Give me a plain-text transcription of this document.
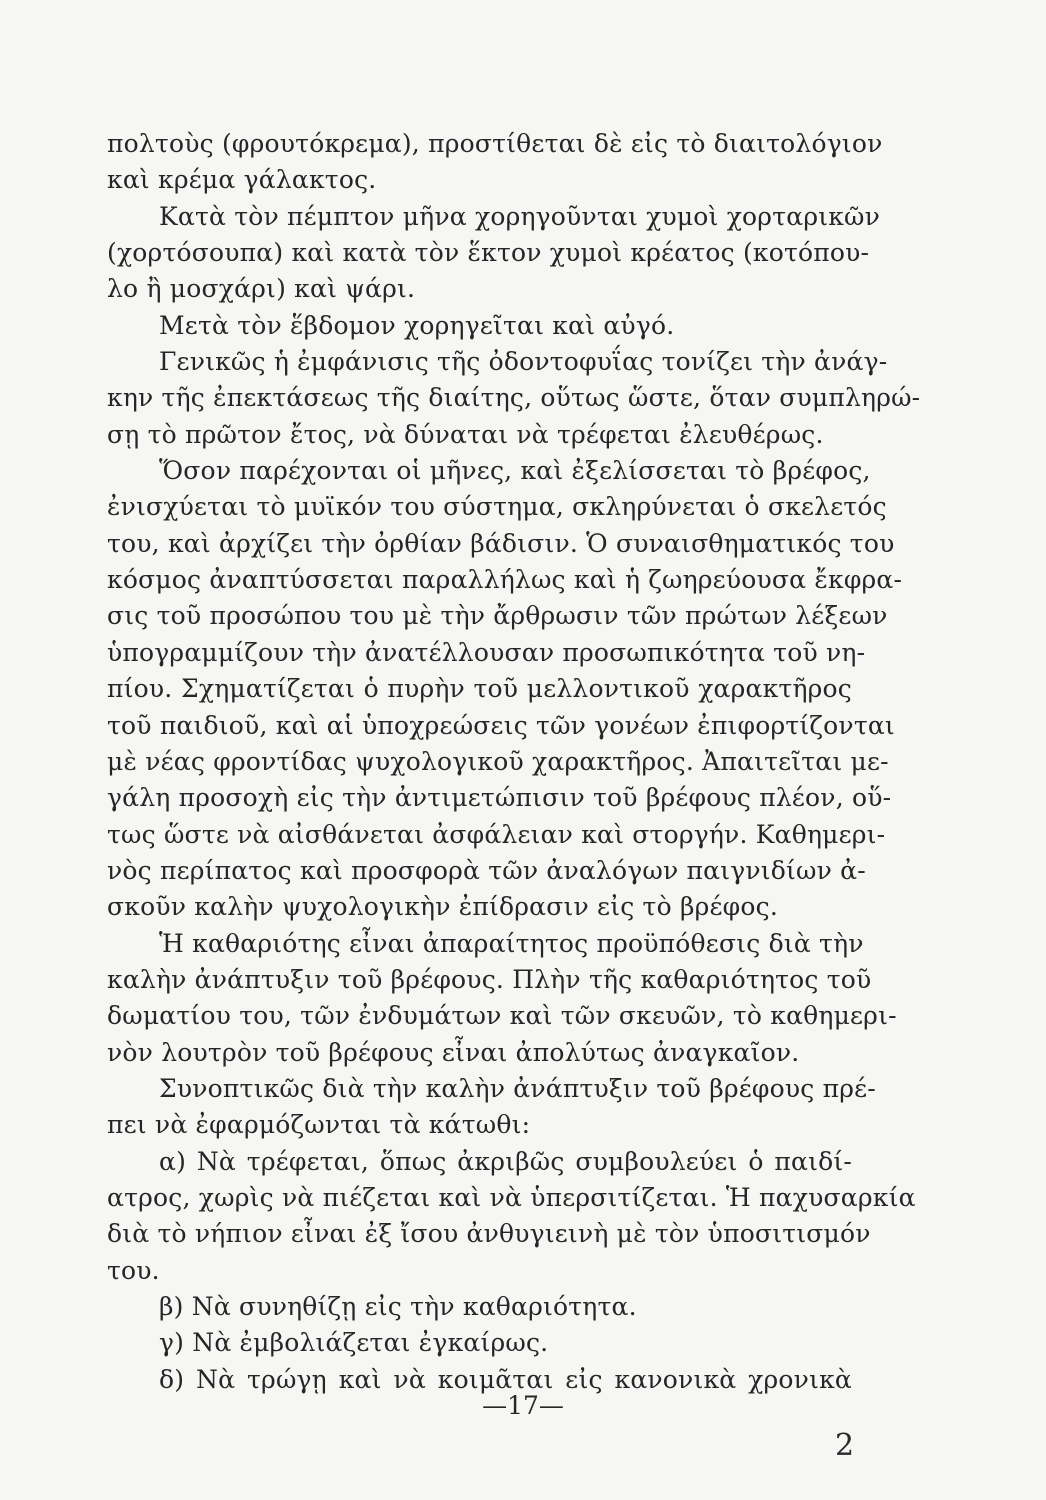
πολτοὺς (φρουτόκρεμα), προστίθεται δὲ εἰς τὸ διαιτολόγιον
καὶ κρέμα γάλακτος.
Κατὰ τὸν πέμπτον μῆνα χορηγοῦνται χυμοὶ χορταρικῶν
(χορτόσουπα) καὶ κατὰ τὸν ἕκτον χυμοὶ κρέατος (κοτόπου-
λο ἢ μοσχάρι) καὶ ψάρι.
Μετὰ τὸν ἕβδομον χορηγεῖται καὶ αὐγό.
Γενικῶς ἡ ἐμφάνισις τῆς ὀδοντοφυΐας τονίζει τὴν ἀνάγ-
κην τῆς ἐπεκτάσεως τῆς διαίτης, οὕτως ὥστε, ὅταν συμπληρώ-
σῃ τὸ πρῶτον ἔτος, νὰ δύναται νὰ τρέφεται ἐλευθέρως.
Ὅσον παρέχονται οἱ μῆνες, καὶ ἐξελίσσεται τὸ βρέφος,
ἐνισχύεται τὸ μυϊκόν του σύστημα, σκληρύνεται ὁ σκελετός
του, καὶ ἀρχίζει τὴν ὀρθίαν βάδισιν. Ὁ συναισθηματικός του
κόσμος ἀναπτύσσεται παραλλήλως καὶ ἡ ζωηρεύουσα ἔκφρα-
σις τοῦ προσώπου του μὲ τὴν ἄρθρωσιν τῶν πρώτων λέξεων
ὑπογραμμίζουν τὴν ἀνατέλλουσαν προσωπικότητα τοῦ νη-
πίου. Σχηματίζεται ὁ πυρὴν τοῦ μελλοντικοῦ χαρακτῆρος
τοῦ παιδιοῦ, καὶ αἱ ὑποχρεώσεις τῶν γονέων ἐπιφορτίζονται
μὲ νέας φροντίδας ψυχολογικοῦ χαρακτῆρος. Ἀπαιτεῖται με-
γάλη προσοχὴ εἰς τὴν ἀντιμετώπισιν τοῦ βρέφους πλέον, οὕ-
τως ὥστε νὰ αἰσθάνεται ἀσφάλειαν καὶ στοργήν. Καθημερι-
νὸς περίπατος καὶ προσφορὰ τῶν ἀναλόγων παιγνιδίων ἀ-
σκοῦν καλὴν ψυχολογικὴν ἐπίδρασιν εἰς τὸ βρέφος.
Ἡ καθαριότης εἶναι ἀπαραίτητος προϋπόθεσις διὰ τὴν
καλὴν ἀνάπτυξιν τοῦ βρέφους. Πλὴν τῆς καθαριότητος τοῦ
δωματίου του, τῶν ἐνδυμάτων καὶ τῶν σκευῶν, τὸ καθημερι-
νὸν λουτρὸν τοῦ βρέφους εἶναι ἀπολύτως ἀναγκαῖον.
Συνοπτικῶς διὰ τὴν καλὴν ἀνάπτυξιν τοῦ βρέφους πρέ-
πει νὰ ἐφαρμόζωνται τὰ κάτωθι:
α) Νὰ τρέφεται, ὅπως ἀκριβῶς συμβουλεύει ὁ παιδί-
ατρος, χωρὶς νὰ πιέζεται καὶ νὰ ὑπερσιτίζεται. Ἡ παχυσαρκία
διὰ τὸ νήπιον εἶναι ἐξ ἴσου ἀνθυγιεινὴ μὲ τὸν ὑποσιτισμόν
του.
β) Νὰ συνηθίζῃ εἰς τὴν καθαριότητα.
γ) Νὰ ἐμβολιάζεται ἐγκαίρως.
δ) Νὰ τρώγῃ καὶ νὰ κοιμᾶται εἰς κανονικὰ χρονικὰ
—17—
2
